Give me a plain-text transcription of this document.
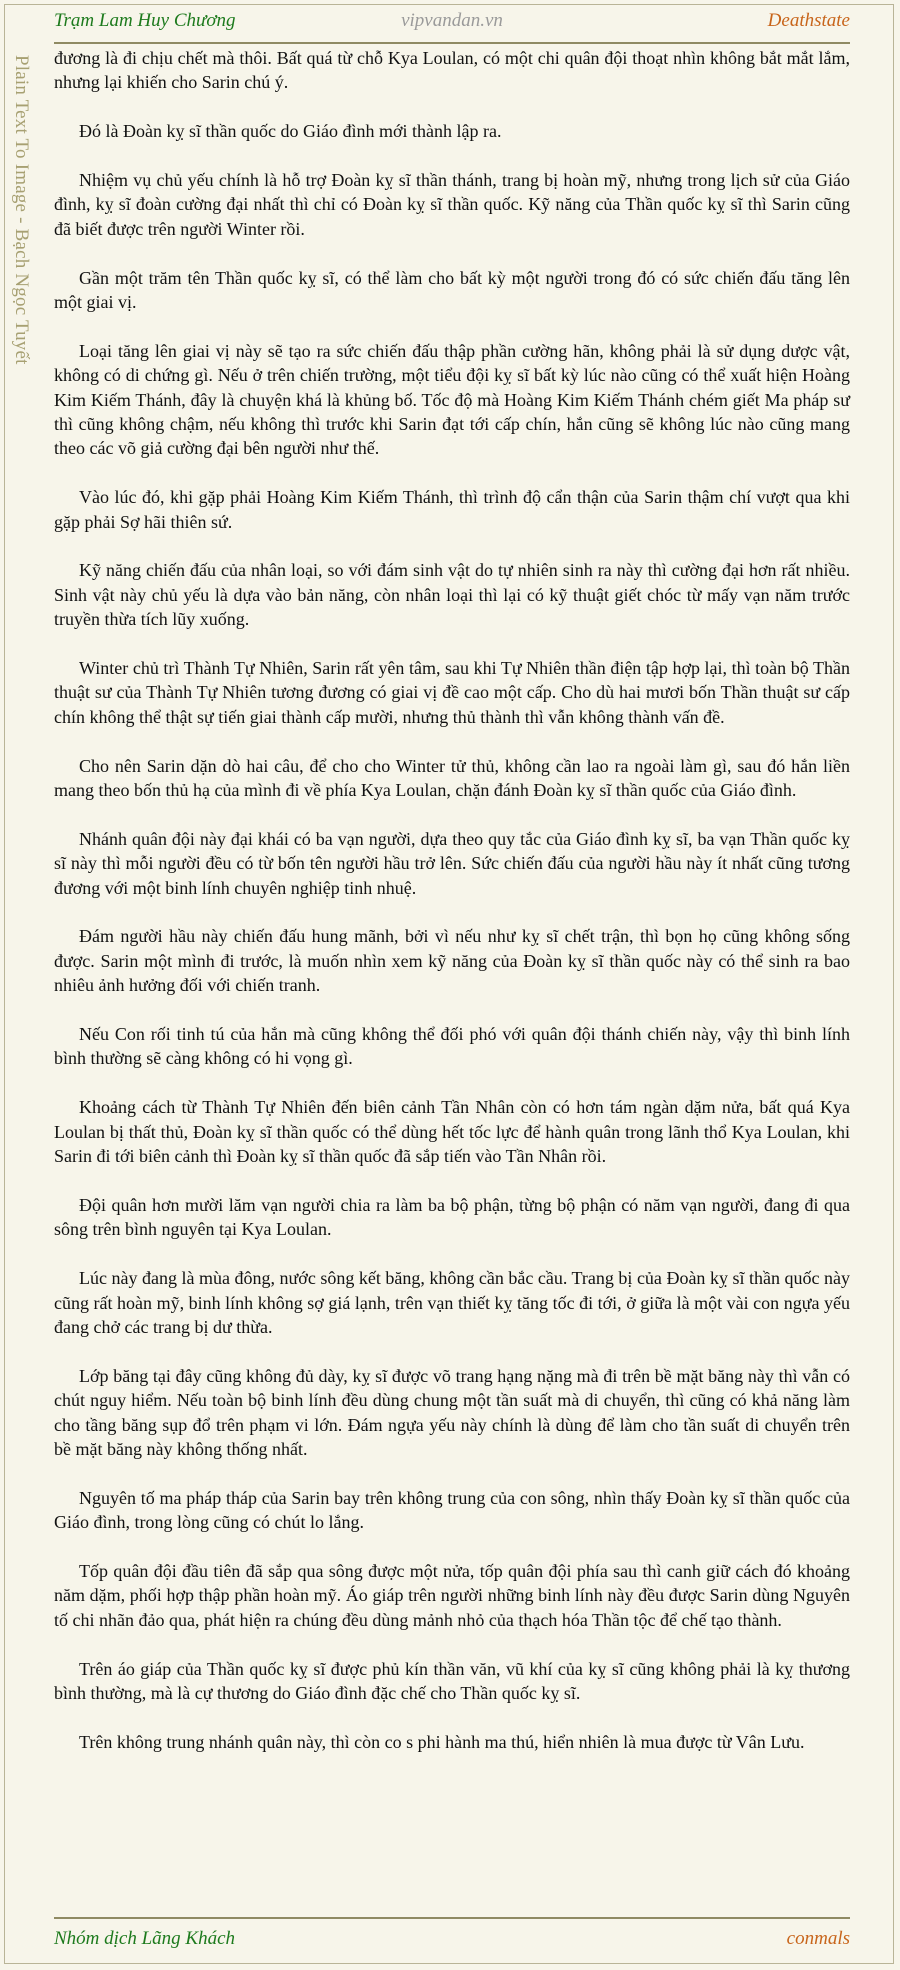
Trạm Lam Huy Chương	vipvandan.vn	Deathstate
Plain Text To Image - Bạch Ngọc Tuyết đương là đi chịu chết mà thôi. Bất quá từ chỗ Kya Loulan, có một chi quân đội thoạt nhìn không bắt mắt lắm, nhưng lại khiến cho Sarin chú ý.

Đó là Đoàn kỵ sĩ thần quốc do Giáo đình mới thành lập ra.

Nhiệm vụ chủ yếu chính là hỗ trợ Đoàn kỵ sĩ thần thánh, trang bị hoàn mỹ, nhưng trong lịch sử của Giáo đình, kỵ sĩ đoàn cường đại nhất thì chỉ có Đoàn kỵ sĩ thần quốc. Kỹ năng của Thần quốc kỵ sĩ thì Sarin cũng đã biết được trên người Winter rồi.

Gần một trăm tên Thần quốc kỵ sĩ, có thể làm cho bất kỳ một người trong đó có sức chiến đấu tăng lên một giai vị.

Loại tăng lên giai vị này sẽ tạo ra sức chiến đấu thập phần cường hãn, không phải là sử dụng dược vật, không có di chứng gì. Nếu ở trên chiến trường, một tiểu đội kỵ sĩ bất kỳ lúc nào cũng có thể xuất hiện Hoàng Kim Kiếm Thánh, đây là chuyện khá là khủng bố. Tốc độ mà Hoàng Kim Kiếm Thánh chém giết Ma pháp sư thì cũng không chậm, nếu không thì trước khi Sarin đạt tới cấp chín, hắn cũng sẽ không lúc nào cũng mang theo các võ giả cường đại bên người như thế.

Vào lúc đó, khi gặp phải Hoàng Kim Kiếm Thánh, thì trình độ cẩn thận của Sarin thậm chí vượt qua khi gặp phải Sợ hãi thiên sứ.

Kỹ năng chiến đấu của nhân loại, so với đám sinh vật do tự nhiên sinh ra này thì cường đại hơn rất nhiều. Sinh vật này chủ yếu là dựa vào bản năng, còn nhân loại thì lại có kỹ thuật giết chóc từ mấy vạn năm trước truyền thừa tích lũy xuống.

Winter chủ trì Thành Tự Nhiên, Sarin rất yên tâm, sau khi Tự Nhiên thần điện tập hợp lại, thì toàn bộ Thần thuật sư của Thành Tự Nhiên tương đương có giai vị đề cao một cấp. Cho dù hai mươi bốn Thần thuật sư cấp chín không thể thật sự tiến giai thành cấp mười, nhưng thủ thành thì vẫn không thành vấn đề.

Cho nên Sarin dặn dò hai câu, để cho cho Winter tử thủ, không cần lao ra ngoài làm gì, sau đó hắn liền mang theo bốn thủ hạ của mình đi về phía Kya Loulan, chặn đánh Đoàn kỵ sĩ thần quốc của Giáo đình.

Nhánh quân đội này đại khái có ba vạn người, dựa theo quy tắc của Giáo đình kỵ sĩ, ba vạn Thần quốc kỵ sĩ này thì mỗi người đều có từ bốn tên người hầu trở lên. Sức chiến đấu của người hầu này ít nhất cũng tương đương với một binh lính chuyên nghiệp tinh nhuệ.

Đám người hầu này chiến đấu hung mãnh, bởi vì nếu như kỵ sĩ chết trận, thì bọn họ cũng không sống được. Sarin một mình đi trước, là muốn nhìn xem kỹ năng của Đoàn kỵ sĩ thần quốc này có thể sinh ra bao nhiêu ảnh hưởng đối với chiến tranh.

Nếu Con rối tinh tú của hắn mà cũng không thể đối phó với quân đội thánh chiến này, vậy thì binh lính bình thường sẽ càng không có hi vọng gì.

Khoảng cách từ Thành Tự Nhiên đến biên cảnh Tần Nhân còn có hơn tám ngàn dặm nửa, bất quá Kya Loulan bị thất thủ, Đoàn kỵ sĩ thần quốc có thể dùng hết tốc lực để hành quân trong lãnh thổ Kya Loulan, khi Sarin đi tới biên cảnh thì Đoàn kỵ sĩ thần quốc đã sắp tiến vào Tần Nhân rồi.

Đội quân hơn mười lăm vạn người chia ra làm ba bộ phận, từng bộ phận có năm vạn người, đang đi qua sông trên bình nguyên tại Kya Loulan.

Lúc này đang là mùa đông, nước sông kết băng, không cần bắc cầu. Trang bị của Đoàn kỵ sĩ thần quốc này cũng rất hoàn mỹ, binh lính không sợ giá lạnh, trên vạn thiết kỵ tăng tốc đi tới, ở giữa là một vài con ngựa yếu đang chở các trang bị dư thừa.

Lớp băng tại đây cũng không đủ dày, kỵ sĩ được võ trang hạng nặng mà đi trên bề mặt băng này thì vẫn có chút nguy hiểm. Nếu toàn bộ binh lính đều dùng chung một tần suất mà di chuyển, thì cũng có khả năng làm cho tầng băng sụp đổ trên phạm vi lớn. Đám ngựa yếu này chính là dùng để làm cho tần suất di chuyển trên bề mặt băng này không thống nhất.

Nguyên tố ma pháp tháp của Sarin bay trên không trung của con sông, nhìn thấy Đoàn kỵ sĩ thần quốc của Giáo đình, trong lòng cũng có chút lo lắng.

Tốp quân đội đầu tiên đã sắp qua sông được một nửa, tốp quân đội phía sau thì canh giữ cách đó khoảng năm dặm, phối hợp thập phần hoàn mỹ. Áo giáp trên người những binh lính này đều được Sarin dùng Nguyên tố chi nhãn đảo qua, phát hiện ra chúng đều dùng mảnh nhỏ của thạch hóa Thần tộc để chế tạo thành.

Trên áo giáp của Thần quốc kỵ sĩ được phủ kín thần văn, vũ khí của kỵ sĩ cũng không phải là kỵ thương bình thường, mà là cự thương do Giáo đình đặc chế cho Thần quốc kỵ sĩ.

Trên không trung nhánh quân này, thì còn co s phi hành ma thú, hiển nhiên là mua được từ Vân Lưu.

Nhóm dịch Lãng Khách	conmals
